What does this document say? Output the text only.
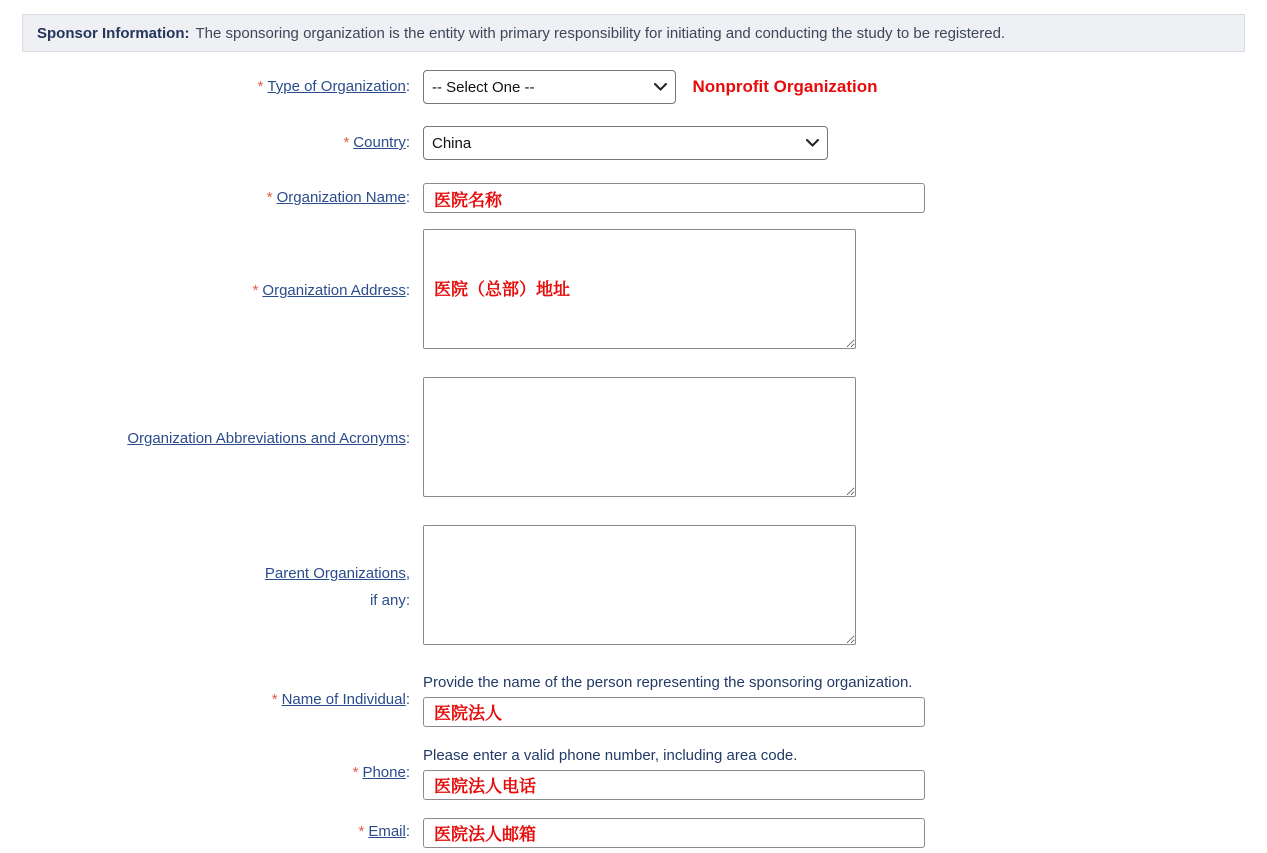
Sponsor Information: The sponsoring organization is the entity with primary responsibility for initiating and conducting the study to be registered.
* Type of Organization:
-- Select One --	Nonprofit Organization
* Country:
China
* Organization Name:
医院名称
* Organization Address:
医院（总部）地址
Organization Abbreviations and Acronyms:
Parent Organizations,
if any:
* Name of Individual:
Provide the name of the person representing the sponsoring organization.
医院法人
* Phone:
Please enter a valid phone number, including area code.
医院法人电话
* Email:
医院法人邮箱
